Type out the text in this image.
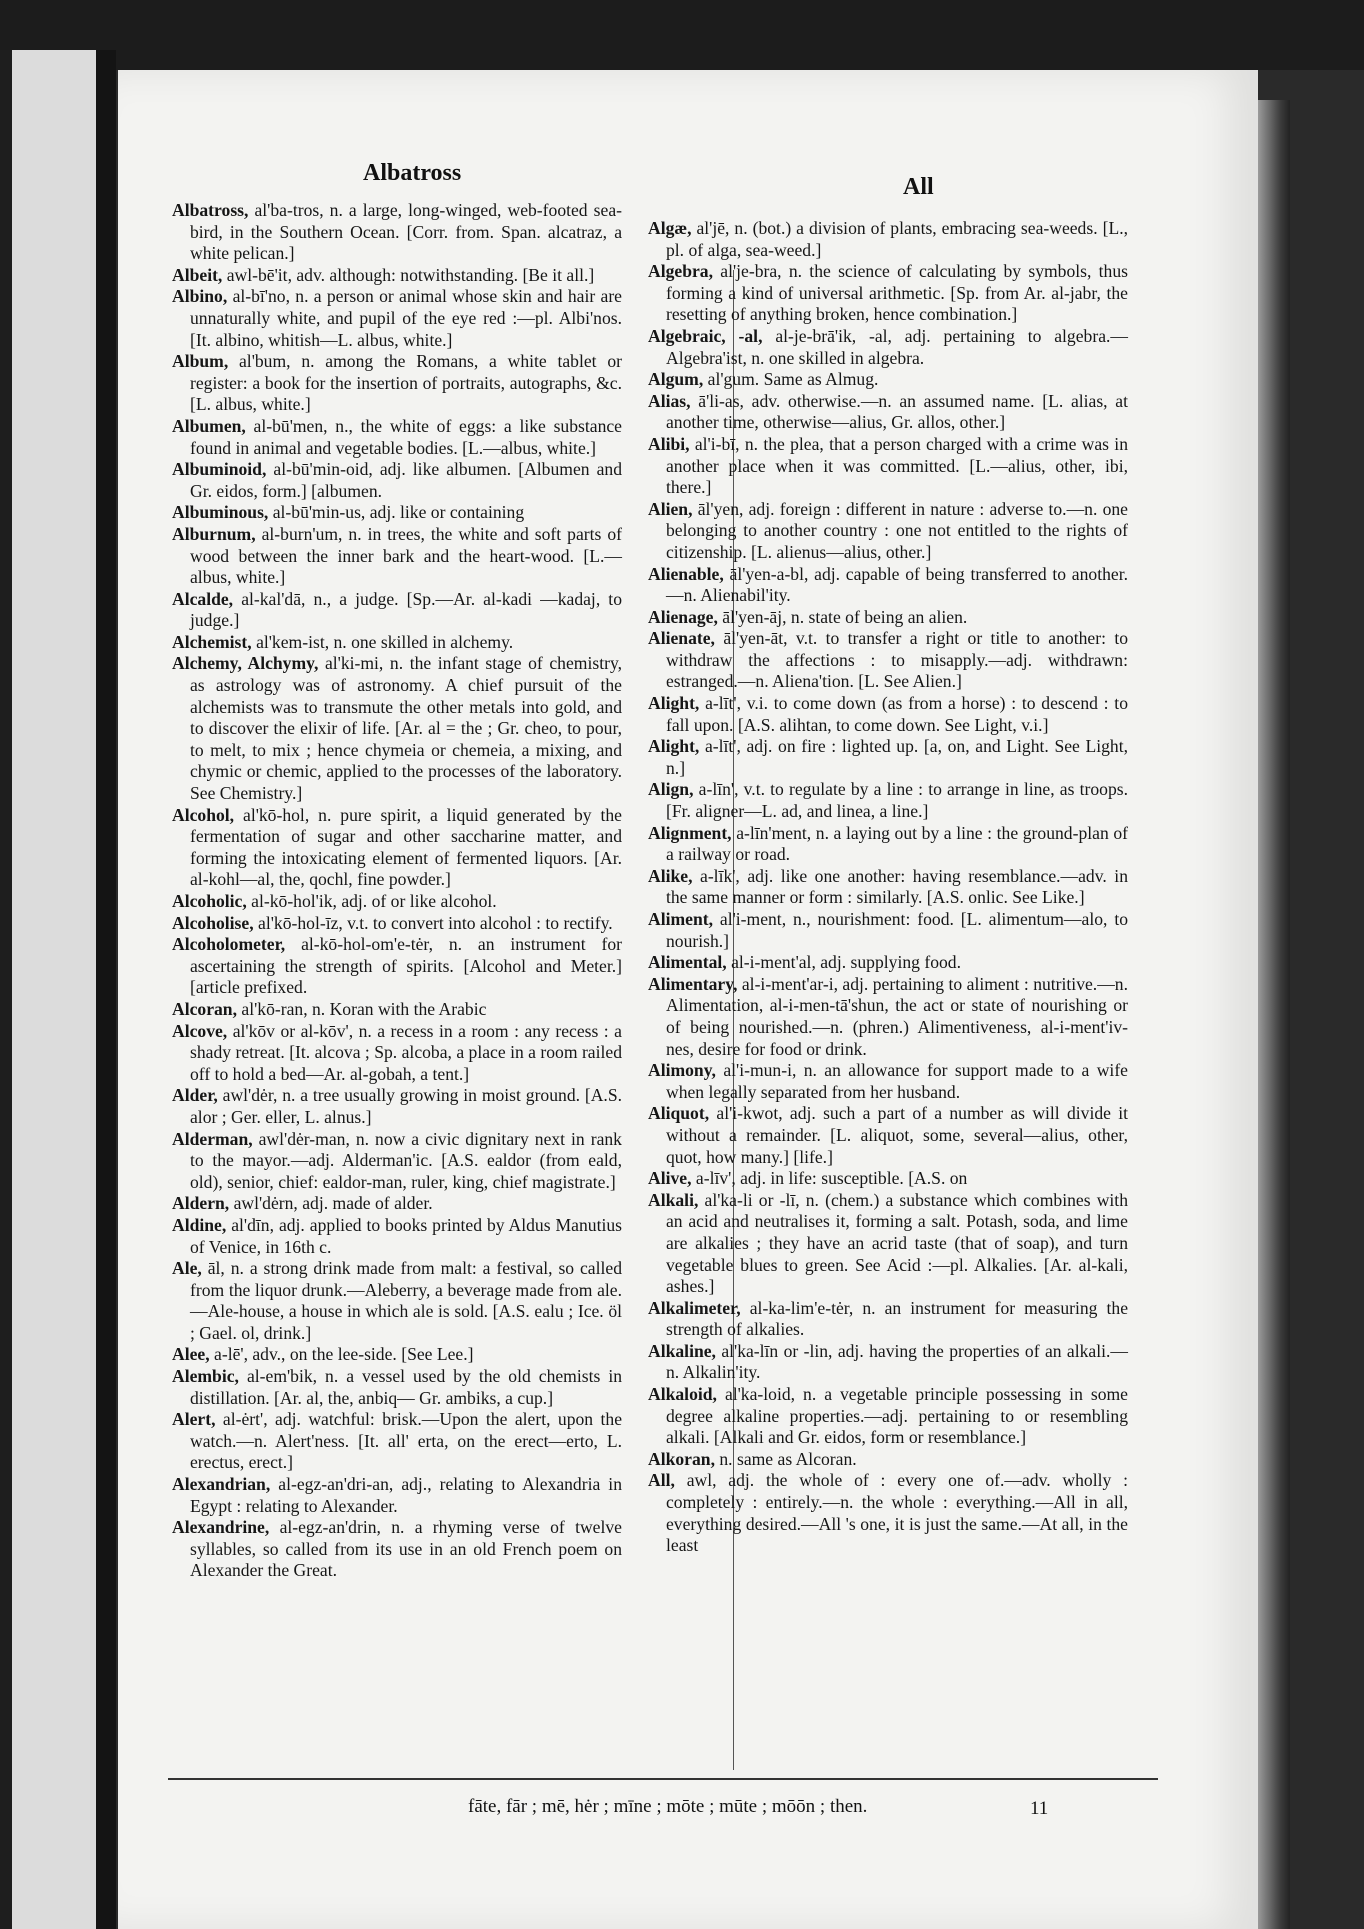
Albatross
All

Albatross, al'ba-tros, n. a large, long-winged, web-footed sea-bird, in the Southern Ocean. [Corr. from. Span. alcatraz, a white pelican.]

Albeit, awl-bē'it, adv. although: notwithstanding. [Be it all.]

Albino, al-bī'no, n. a person or animal whose skin and hair are unnaturally white, and pupil of the eye red :—pl. Albi'nos. [It. albino, whitish—L. albus, white.]

Album, al'bum, n. among the Romans, a white tablet or register: a book for the insertion of portraits, autographs, &c. [L. albus, white.]

Albumen, al-bū'men, n., the white of eggs: a like substance found in animal and vegetable bodies. [L.—albus, white.]

Albuminoid, al-bū'min-oid, adj. like albumen. [Albumen and Gr. eidos, form.] [albumen.

Albuminous, al-bū'min-us, adj. like or containing

Alburnum, al-burn'um, n. in trees, the white and soft parts of wood between the inner bark and the heart-wood. [L.—albus, white.]

Alcalde, al-kal'dā, n., a judge. [Sp.—Ar. al-kadi —kadaj, to judge.]

Alchemist, al'kem-ist, n. one skilled in alchemy.

Alchemy, Alchymy, al'ki-mi, n. the infant stage of chemistry, as astrology was of astronomy. A chief pursuit of the alchemists was to transmute the other metals into gold, and to discover the elixir of life. [Ar. al = the ; Gr. cheo, to pour, to melt, to mix ; hence chymeia or chemeia, a mixing, and chymic or chemic, applied to the processes of the laboratory. See Chemistry.]

Alcohol, al'kō-hol, n. pure spirit, a liquid generated by the fermentation of sugar and other saccharine matter, and forming the intoxicating element of fermented liquors. [Ar. al-kohl—al, the, qochl, fine powder.]

Alcoholic, al-kō-hol'ik, adj. of or like alcohol.

Alcoholise, al'kō-hol-īz, v.t. to convert into alcohol : to rectify.

Alcoholometer, al-kō-hol-om'e-tėr, n. an instrument for ascertaining the strength of spirits. [Alcohol and Meter.] [article prefixed.

Alcoran, al'kō-ran, n. Koran with the Arabic

Alcove, al'kōv or al-kōv', n. a recess in a room : any recess : a shady retreat. [It. alcova ; Sp. alcoba, a place in a room railed off to hold a bed—Ar. al-gobah, a tent.]

Alder, awl'dėr, n. a tree usually growing in moist ground. [A.S. alor ; Ger. eller, L. alnus.]

Alderman, awl'dėr-man, n. now a civic dignitary next in rank to the mayor.—adj. Alderman'ic. [A.S. ealdor (from eald, old), senior, chief: ealdor-man, ruler, king, chief magistrate.]

Aldern, awl'dėrn, adj. made of alder.

Aldine, al'dīn, adj. applied to books printed by Aldus Manutius of Venice, in 16th c.

Ale, āl, n. a strong drink made from malt: a festival, so called from the liquor drunk.—Aleberry, a beverage made from ale.—Ale-house, a house in which ale is sold. [A.S. ealu ; Ice. öl ; Gael. ol, drink.]

Alee, a-lē', adv., on the lee-side. [See Lee.]

Alembic, al-em'bik, n. a vessel used by the old chemists in distillation. [Ar. al, the, anbiq— Gr. ambiks, a cup.]

Alert, al-ėrt', adj. watchful: brisk.—Upon the alert, upon the watch.—n. Alert'ness. [It. all' erta, on the erect—erto, L. erectus, erect.]

Alexandrian, al-egz-an'dri-an, adj., relating to Alexandria in Egypt : relating to Alexander.

Alexandrine, al-egz-an'drin, n. a rhyming verse of twelve syllables, so called from its use in an old French poem on Alexander the Great.

Algæ, al'jē, n. (bot.) a division of plants, embracing sea-weeds. [L., pl. of alga, sea-weed.]

Algebra, al'je-bra, n. the science of calculating by symbols, thus forming a kind of universal arithmetic. [Sp. from Ar. al-jabr, the resetting of anything broken, hence combination.]

Algebraic, -al, al-je-brā'ik, -al, adj. pertaining to algebra.—Algebra'ist, n. one skilled in algebra.

Algum, al'gum. Same as Almug.

Alias, ā'li-as, adv. otherwise.—n. an assumed name. [L. alias, at another time, otherwise—alius, Gr. allos, other.]

Alibi, al'i-bī, n. the plea, that a person charged with a crime was in another place when it was committed. [L.—alius, other, ibi, there.]

Alien, āl'yen, adj. foreign : different in nature : adverse to.—n. one belonging to another country : one not entitled to the rights of citizenship. [L. alienus—alius, other.]

Alienable, āl'yen-a-bl, adj. capable of being transferred to another.—n. Alienabil'ity.

Alienage, āl'yen-āj, n. state of being an alien.

Alienate, āl'yen-āt, v.t. to transfer a right or title to another: to withdraw the affections : to misapply.—adj. withdrawn: estranged.—n. Aliena'tion. [L. See Alien.]

Alight, a-līt', v.i. to come down (as from a horse) : to descend : to fall upon. [A.S. alihtan, to come down. See Light, v.i.]

Alight, a-līt', adj. on fire : lighted up. [a, on, and Light. See Light, n.]

Align, a-līn', v.t. to regulate by a line : to arrange in line, as troops. [Fr. aligner—L. ad, and linea, a line.]

Alignment, a-līn'ment, n. a laying out by a line : the ground-plan of a railway or road.

Alike, a-līk', adj. like one another: having resemblance.—adv. in the same manner or form : similarly. [A.S. onlic. See Like.]

Aliment, al'i-ment, n., nourishment: food. [L. alimentum—alo, to nourish.]

Alimental, al-i-ment'al, adj. supplying food.

Alimentary, al-i-ment'ar-i, adj. pertaining to aliment : nutritive.—n. Alimentation, al-i-men-tā'shun, the act or state of nourishing or of being nourished.—n. (phren.) Alimentiveness, al-i-ment'iv-nes, desire for food or drink.

Alimony, al'i-mun-i, n. an allowance for support made to a wife when legally separated from her husband.

Aliquot, al'i-kwot, adj. such a part of a number as will divide it without a remainder. [L. aliquot, some, several—alius, other, quot, how many.] [life.]

Alive, a-līv', adj. in life: susceptible. [A.S. on

Alkali, al'ka-li or -lī, n. (chem.) a substance which combines with an acid and neutralises it, forming a salt. Potash, soda, and lime are alkalies ; they have an acrid taste (that of soap), and turn vegetable blues to green. See Acid :—pl. Alkalies. [Ar. al-kali, ashes.]

Alkalimeter, al-ka-lim'e-tėr, n. an instrument for measuring the strength of alkalies.

Alkaline, al'ka-līn or -lin, adj. having the properties of an alkali.—n. Alkalin'ity.

Alkaloid, al'ka-loid, n. a vegetable principle possessing in some degree alkaline properties.—adj. pertaining to or resembling alkali. [Alkali and Gr. eidos, form or resemblance.]

Alkoran, n. same as Alcoran.

All, awl, adj. the whole of : every one of.—adv. wholly : completely : entirely.—n. the whole : everything.—All in all, everything desired.—All 's one, it is just the same.—At all, in the least

fāte, fār ; mē, hėr ; mīne ; mōte ; mūte ; mōōn ; then.	11
